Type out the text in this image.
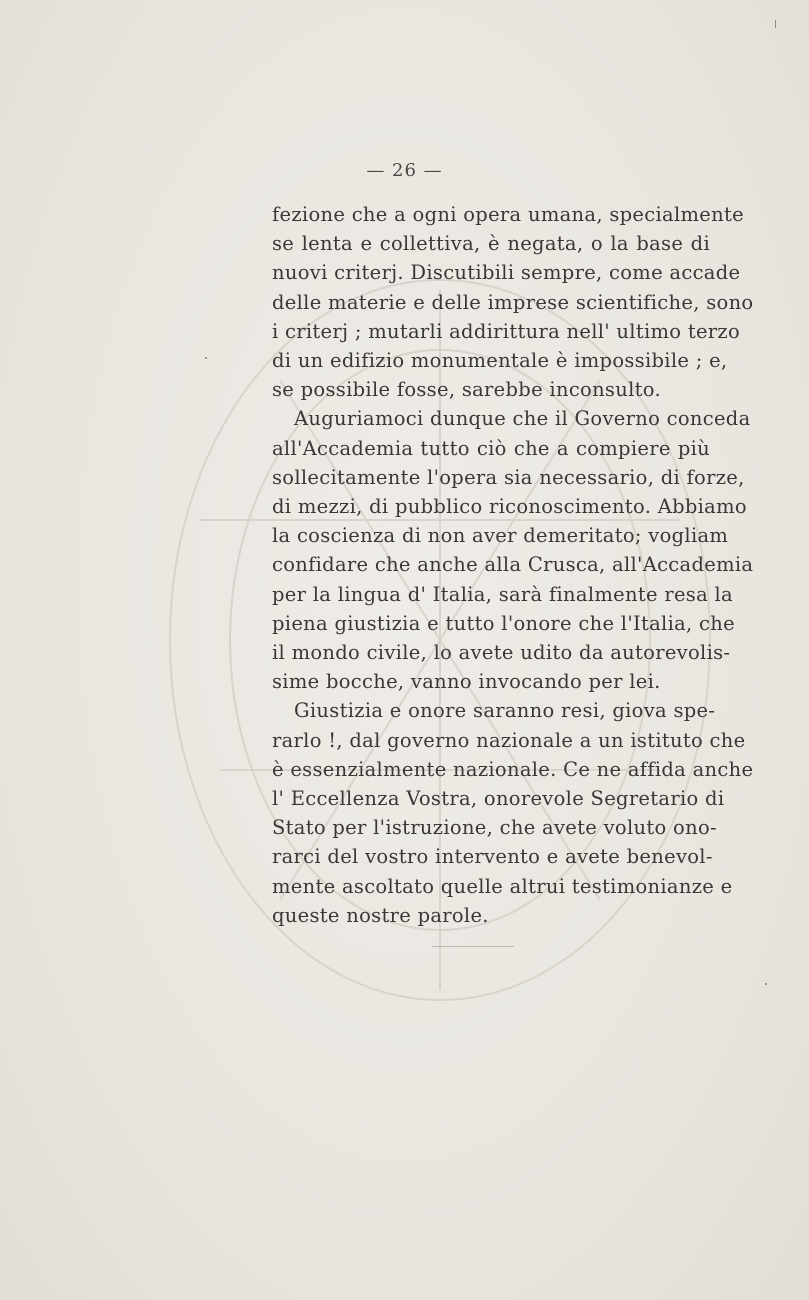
— 26 —
fezione che a ogni opera umana, specialmente
se lenta e collettiva, è negata, o la base di
nuovi criterj. Discutibili sempre, come accade
delle materie e delle imprese scientifiche, sono
i criterj ; mutarli addirittura nell' ultimo terzo
di un edifizio monumentale è impossibile ; e,
se possibile fosse, sarebbe inconsulto.
Auguriamoci dunque che il Governo conceda
all'Accademia tutto ciò che a compiere più
sollecitamente l'opera sia necessario, di forze,
di mezzi, di pubblico riconoscimento. Abbiamo
la coscienza di non aver demeritato; vogliam
confidare che anche alla Crusca, all'Accademia
per la lingua d' Italia, sarà finalmente resa la
piena giustizia e tutto l'onore che l'Italia, che
il mondo civile, lo avete udito da autorevolis-
sime bocche, vanno invocando per lei.
Giustizia e onore saranno resi, giova spe-
rarlo !, dal governo nazionale a un istituto che
è essenzialmente nazionale. Ce ne affida anche
l' Eccellenza Vostra, onorevole Segretario di
Stato per l'istruzione, che avete voluto ono-
rarci del vostro intervento e avete benevol-
mente ascoltato quelle altrui testimonianze e
queste nostre parole.
